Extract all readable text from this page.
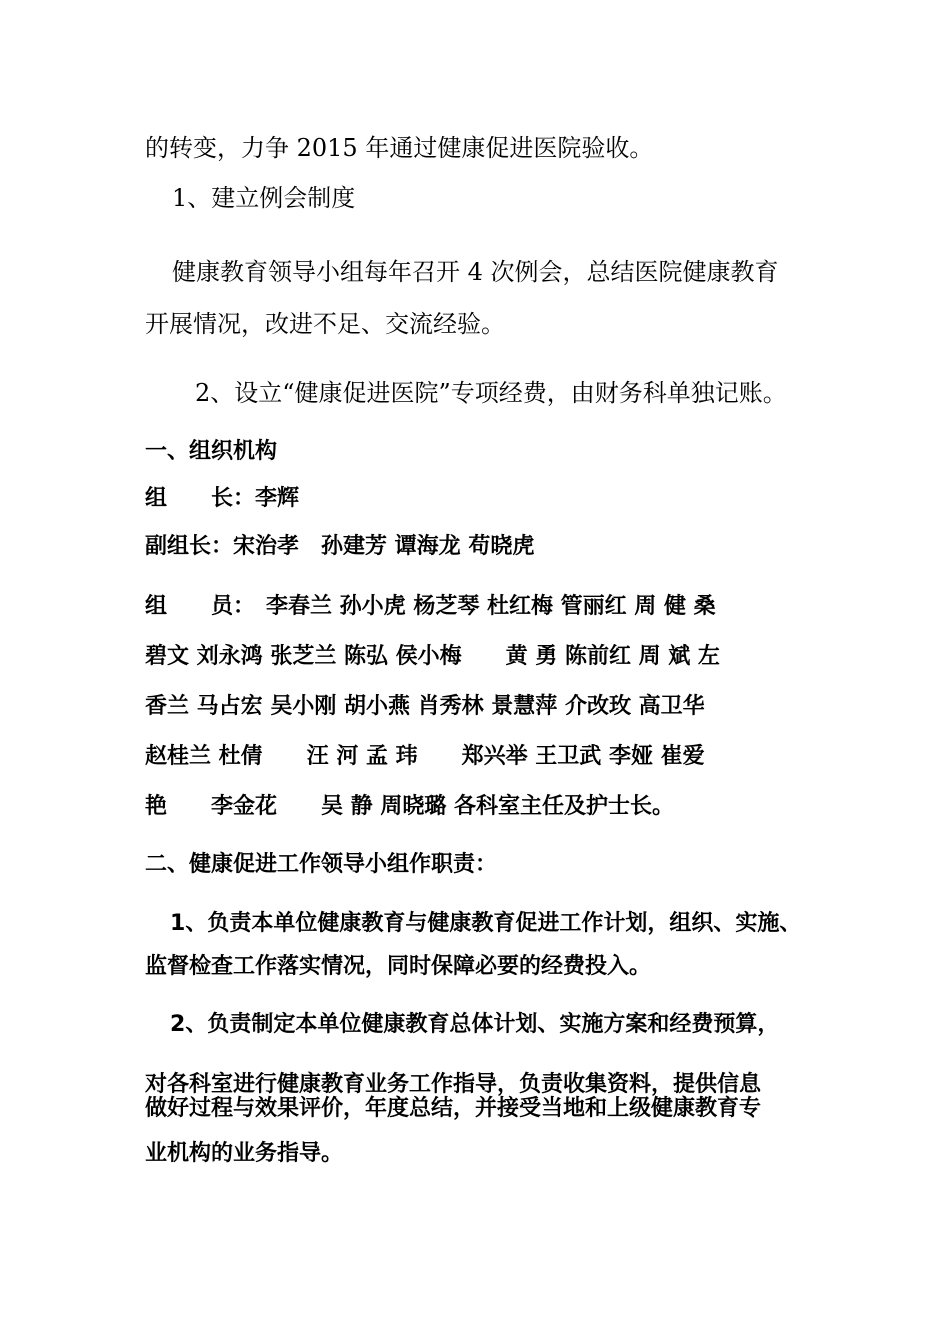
的转变，力争 2015 年通过健康促进医院验收。
1、建立例会制度
健康教育领导小组每年召开 4 次例会，总结医院健康教育
开展情况，改进不足、交流经验。
2、设立“健康促进医院”专项经费，由财务科单独记账。
一、组织机构
组　　长：李辉
副组长：宋治孝　孙建芳 谭海龙 苟晓虎
组　　员：　李春兰 孙小虎 杨芝琴 杜红梅 管丽红 周 健 桑
碧文 刘永鸿 张芝兰 陈弘 侯小梅　　黄 勇 陈前红 周 斌 左
香兰 马占宏 吴小刚 胡小燕 肖秀林 景慧萍 介改玫 高卫华
赵桂兰 杜倩　　汪 河 孟 玮　　郑兴举 王卫武 李娅 崔爱
艳　　李金花　　吴 静 周晓璐 各科室主任及护士长。
二、健康促进工作领导小组作职责：
1、负责本单位健康教育与健康教育促进工作计划，组织、实施、
监督检查工作落实情况，同时保障必要的经费投入。
2、负责制定本单位健康教育总体计划、实施方案和经费预算，
对各科室进行健康教育业务工作指导，负责收集资料，提供信息
做好过程与效果评价，年度总结，并接受当地和上级健康教育专
业机构的业务指导。
